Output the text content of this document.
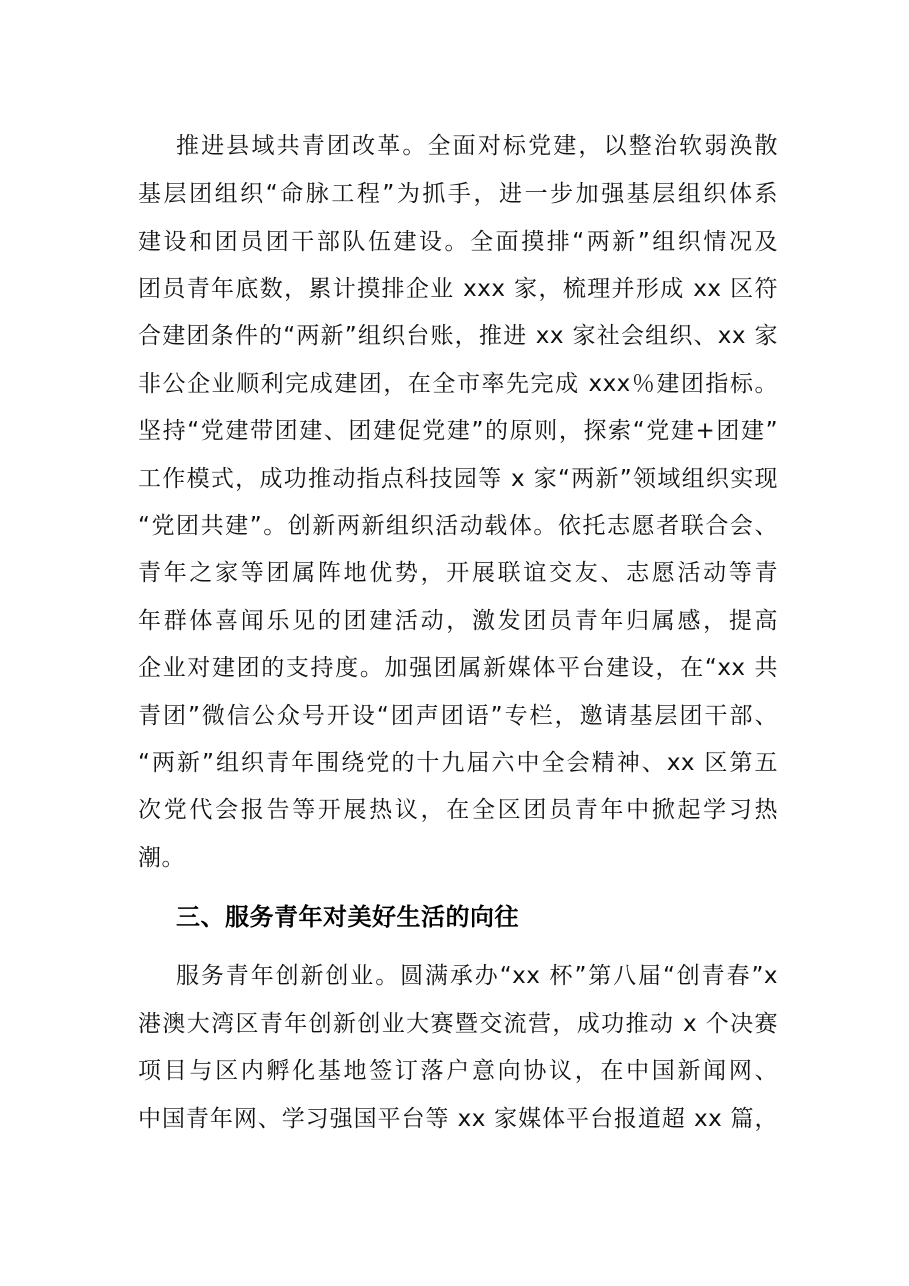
推进县域共青团改革。全面对标党建，以整治软弱涣散
基层团组织“命脉工程”为抓手，进一步加强基层组织体系
建设和团员团干部队伍建设。全面摸排“两新”组织情况及
团员青年底数，累计摸排企业 xxx 家，梳理并形成 xx 区符
合建团条件的“两新”组织台账，推进 xx 家社会组织、xx 家
非公企业顺利完成建团，在全市率先完成 xxx％建团指标。
坚持“党建带团建、团建促党建”的原则，探索“党建+团建”
工作模式，成功推动指点科技园等 x 家“两新”领域组织实现
“党团共建”。创新两新组织活动载体。依托志愿者联合会、
青年之家等团属阵地优势，开展联谊交友、志愿活动等青
年群体喜闻乐见的团建活动，激发团员青年归属感，提高
企业对建团的支持度。加强团属新媒体平台建设，在“xx 共
青团”微信公众号开设“团声团语”专栏，邀请基层团干部、
“两新”组织青年围绕党的十九届六中全会精神、xx 区第五
次党代会报告等开展热议，在全区团员青年中掀起学习热
潮。
三、服务青年对美好生活的向往
服务青年创新创业。圆满承办“xx 杯”第八届“创青春”x
港澳大湾区青年创新创业大赛暨交流营，成功推动 x 个决赛
项目与区内孵化基地签订落户意向协议，在中国新闻网、
中国青年网、学习强国平台等 xx 家媒体平台报道超 xx 篇，
